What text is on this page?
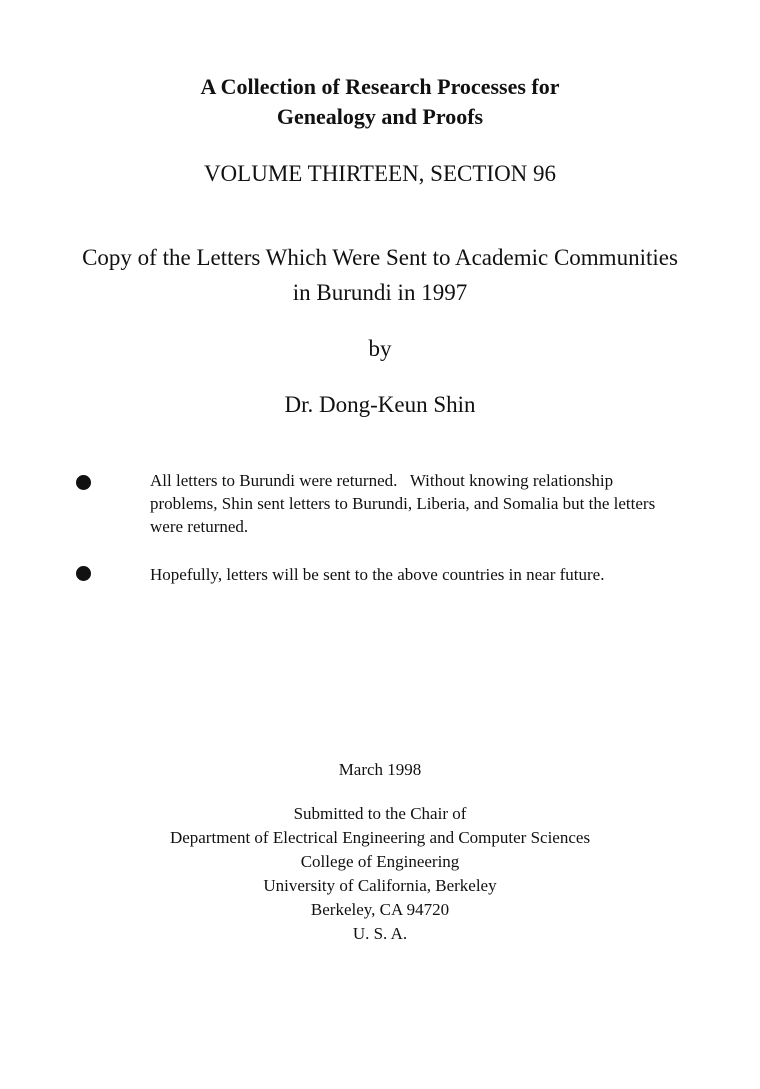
A Collection of Research Processes for
Genealogy and Proofs
VOLUME THIRTEEN, SECTION 96
Copy of the Letters Which Were Sent to Academic Communities
in Burundi in 1997
by
Dr. Dong-Keun Shin
All letters to Burundi were returned.   Without knowing relationship
problems, Shin sent letters to Burundi, Liberia, and Somalia but the letters
were returned.
Hopefully, letters will be sent to the above countries in near future.
March 1998
Submitted to the Chair of
Department of Electrical Engineering and Computer Sciences
College of Engineering
University of California, Berkeley
Berkeley, CA 94720
U. S. A.
